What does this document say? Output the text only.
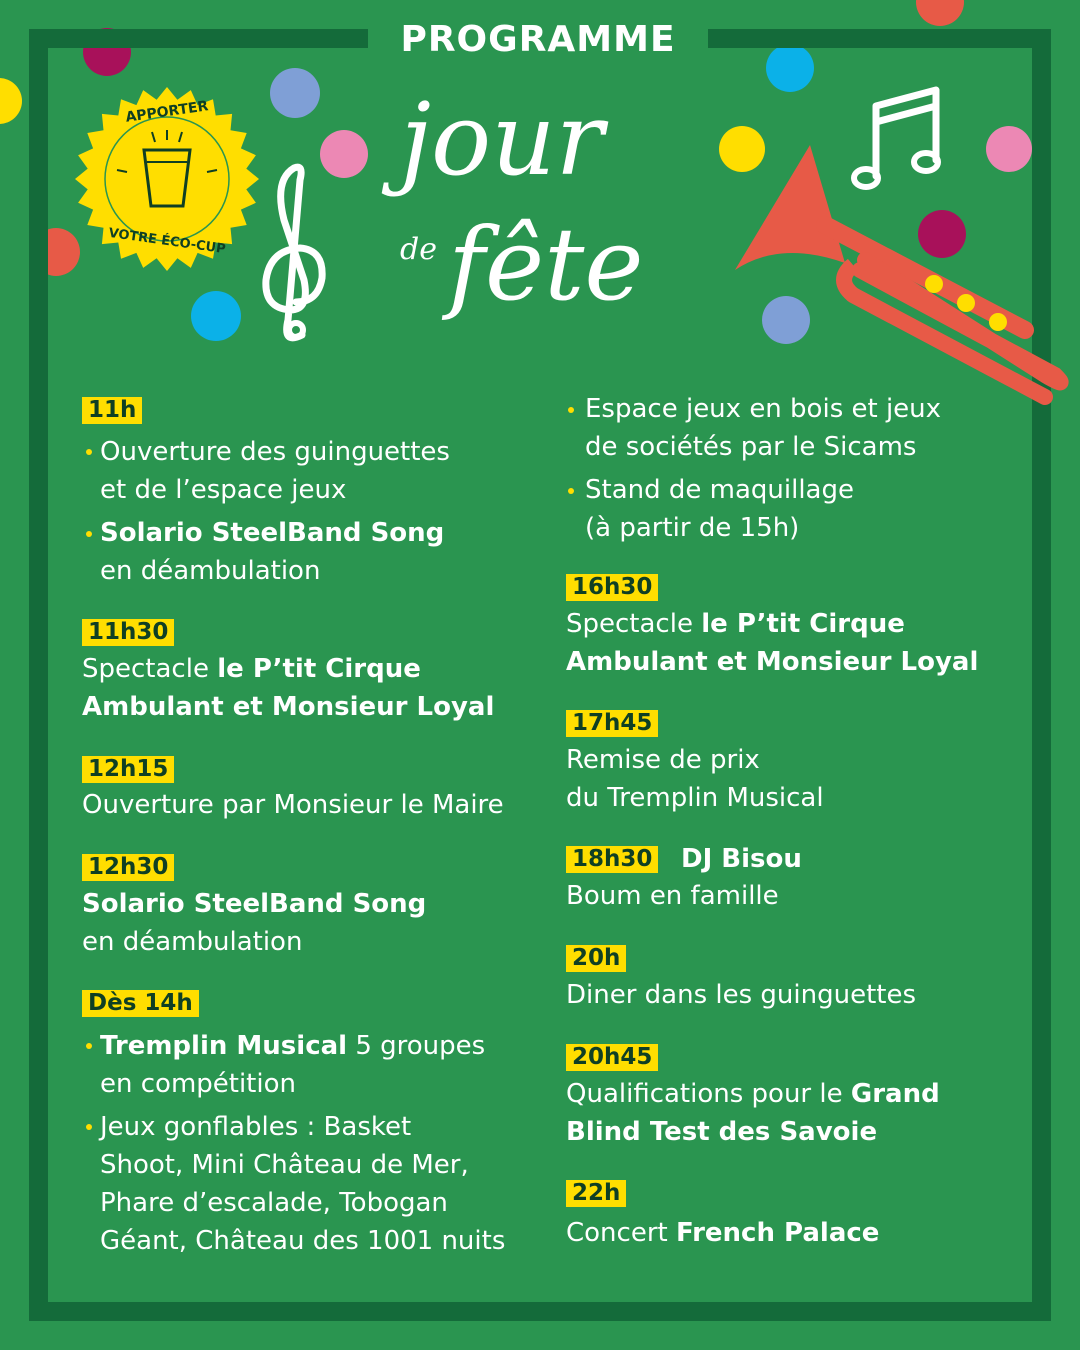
APPORTER
VOTRE ÉCO-CUP
PROGRAMME
jour
de fête
11h
Ouverture des guinguettes
et de l’espace jeux
Solario SteelBand Song
en déambulation
11h30
Spectacle le P’tit Cirque
Ambulant et Monsieur Loyal
12h15
Ouverture par Monsieur le Maire
12h30
Solario SteelBand Song
en déambulation
Dès 14h
Tremplin Musical 5 groupes
en compétition
Jeux gonflables : Basket
Shoot, Mini Château de Mer,
Phare d’escalade, Tobogan
Géant, Château des 1001 nuits
Espace jeux en bois et jeux
de sociétés par le Sicams
Stand de maquillage
(à partir de 15h)
16h30
Spectacle le P’tit Cirque
Ambulant et Monsieur Loyal
17h45
Remise de prix
du Tremplin Musical
18h30 DJ Bisou
Boum en famille
20h
Diner dans les guinguettes
20h45
Qualifications pour le Grand
Blind Test des Savoie
22h
Concert French Palace
